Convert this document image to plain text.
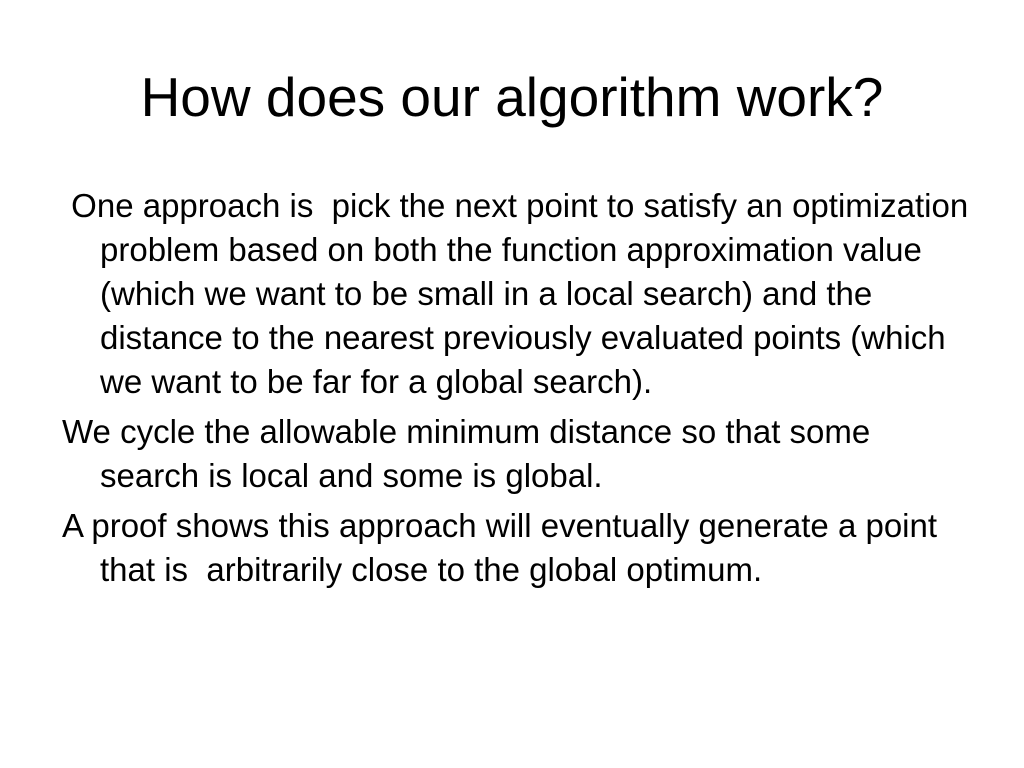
How does our algorithm work?
One approach is  pick the next point to satisfy an optimization problem based on both the function approximation value (which we want to be small in a local search) and the distance to the nearest previously evaluated points (which we want to be far for a global search).
We cycle the allowable minimum distance so that some search is local and some is global.
A proof shows this approach will eventually generate a point that is  arbitrarily close to the global optimum.
